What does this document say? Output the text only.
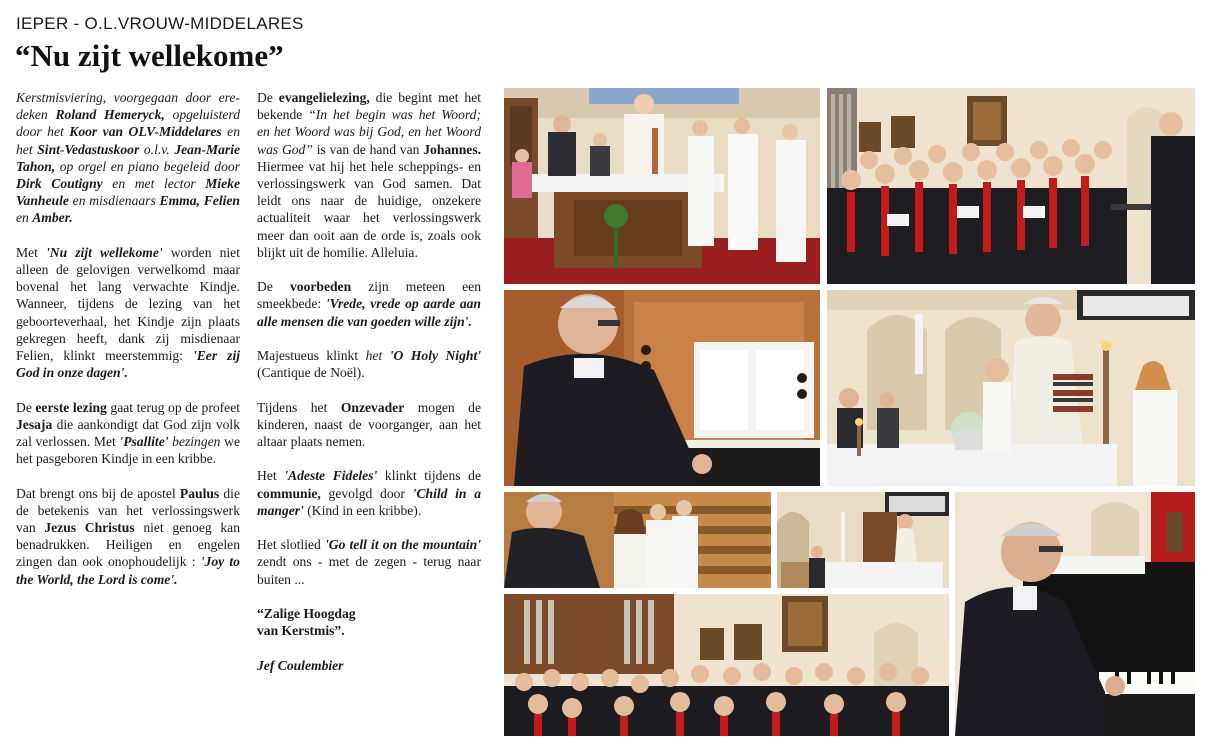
IEPER - O.L.VROUW-MIDDELARES
“Nu zijt wellekome”

Kerstmisviering, voorgegaan door ere-deken Roland Hemeryck, opgeluisterd door het Koor van OLV-Middelares en het Sint-Vedastuskoor o.l.v. Jean-Marie Tahon, op orgel en piano begeleid door Dirk Coutigny en met lector Mieke Vanheule en misdienaars Emma, Felien en Amber.

Met 'Nu zijt wellekome' worden niet alleen de gelovigen verwelkomd maar bovenal het lang verwachte Kindje. Wanneer, tijdens de lezing van het geboorteverhaal, het Kindje zijn plaats gekregen heeft, dank zij misdienaar Felien, klinkt meerstemmig: 'Eer zij God in onze dagen'.

De eerste lezing gaat terug op de profeet Jesaja die aankondigt dat God zijn volk zal verlossen. Met 'Psallite' bezingen we het pasgeboren Kindje in een kribbe.

Dat brengt ons bij de apostel Paulus die de betekenis van het verlossingswerk van Jezus Christus niet genoeg kan benadrukken. Heiligen en engelen zingen dan ook onophoudelijk : 'Joy to the World, the Lord is come'.

De evangelielezing, die begint met het bekende “In het begin was het Woord; en het Woord was bij God, en het Woord was God” is van de hand van Johannes. Hiermee vat hij het hele scheppings- en verlossingswerk van God samen. Dat leidt ons naar de huidige, onzekere actualiteit waar het verlossingswerk meer dan ooit aan de orde is, zoals ook blijkt uit de homilie. Alleluia.

De voorbeden zijn meteen een smeekbede: 'Vrede, vrede op aarde aan alle mensen die van goeden wille zijn'.

Majestueus klinkt het 'O Holy Night' (Cantique de Noël).

Tijdens het Onzevader mogen de kinderen, naast de voorganger, aan het altaar plaats nemen.

Het 'Adeste Fideles' klinkt tijdens de communie, gevolgd door 'Child in a manger' (Kind in een kribbe).

Het slotlied 'Go tell it on the mountain' zendt ons - met de zegen - terug naar buiten ...

“Zalige Hoogdag
van Kerstmis”.

Jef Coulembier
